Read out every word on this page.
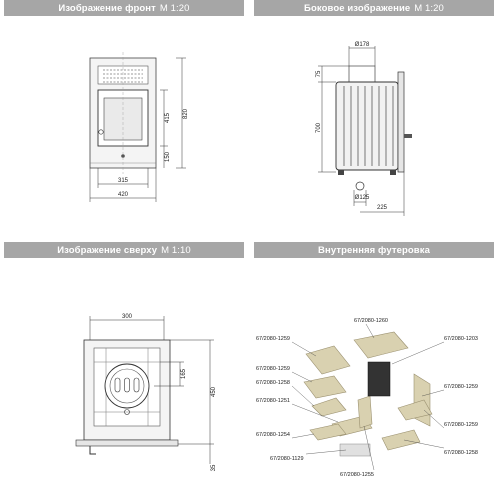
Изображение фронт M 1:20
820
415
150
315
420
Боковое изображение M 1:20
Ø178
75
700
Ø125
225
Изображение сверху M 1:10
300
165
450
35
Внутренняя футеровка
67/2080-1260
67/2080-1259	67/2080-1203
67/2080-1259
67/2080-1258
67/2080-1259
67/2080-1251
67/2080-1259
67/2080-1254
67/2080-1258
67/2080-1129
67/2080-1255
